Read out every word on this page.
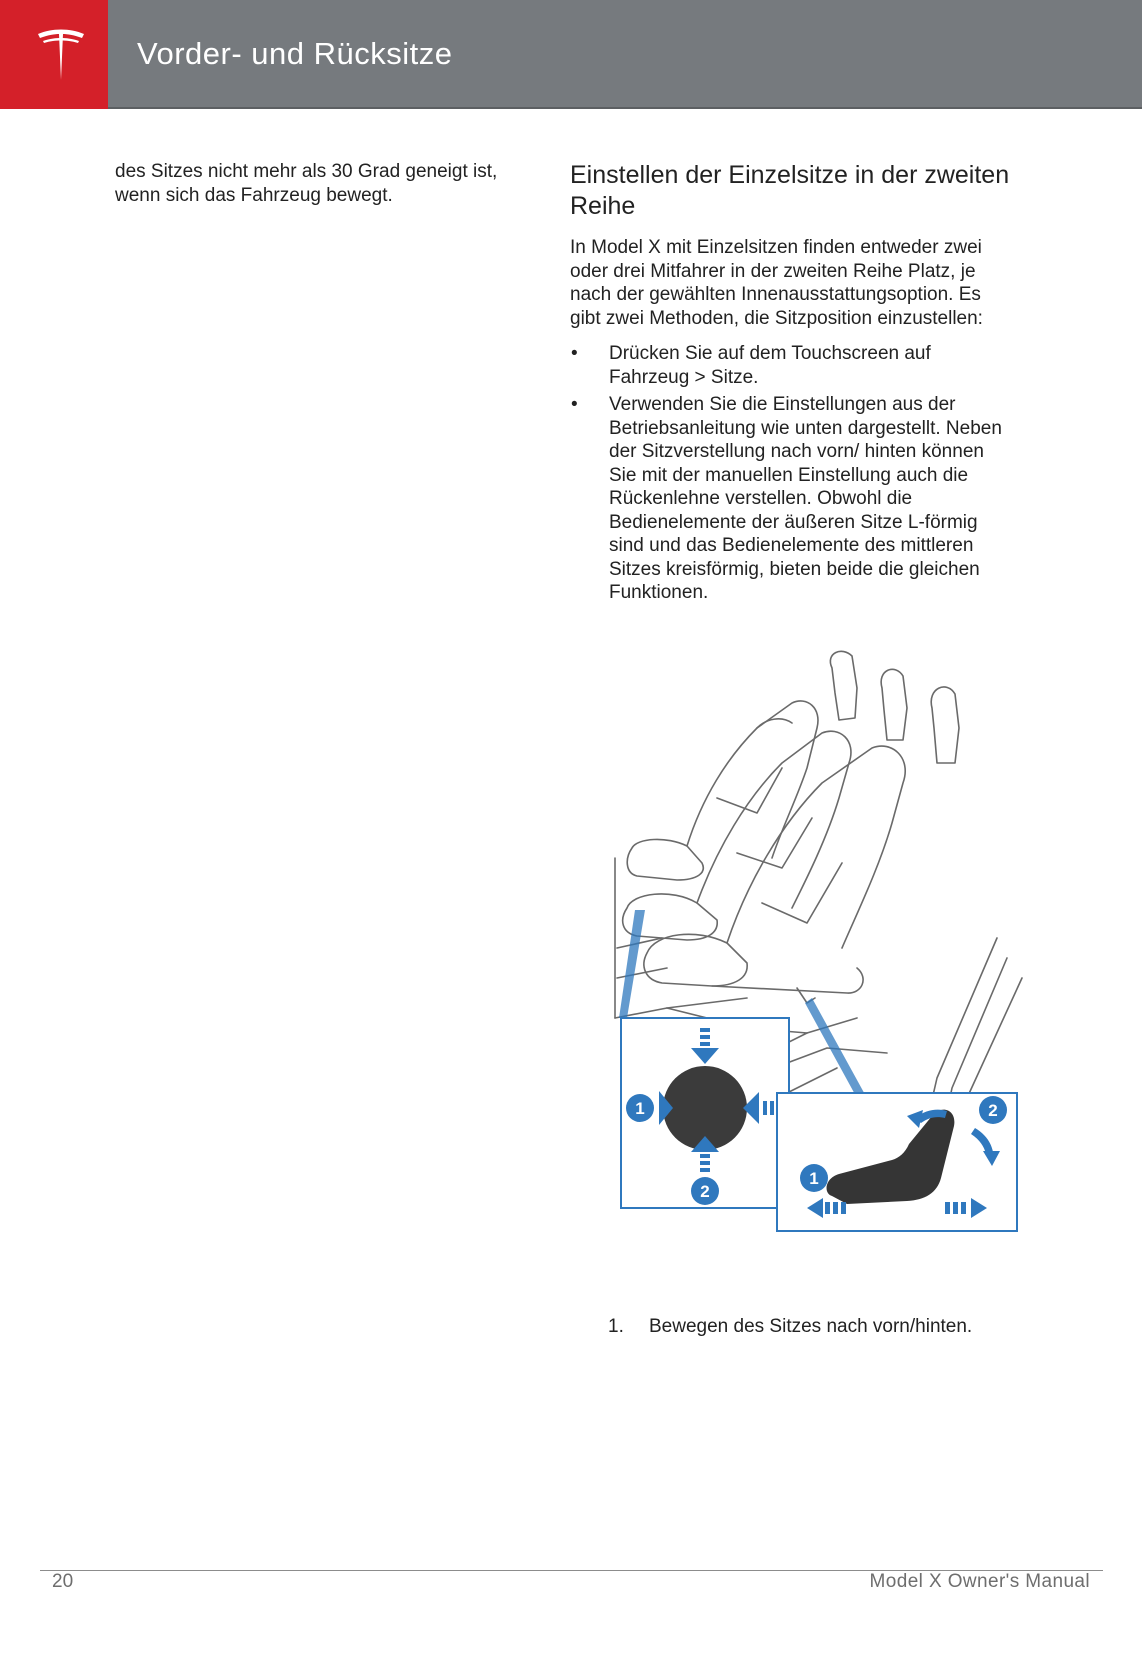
Vorder- und Rücksitze

des Sitzes nicht mehr als 30 Grad geneigt ist, wenn sich das Fahrzeug bewegt.

Einstellen der Einzelsitze in der zweiten Reihe

In Model X mit Einzelsitzen finden entweder zwei oder drei Mitfahrer in der zweiten Reihe Platz, je nach der gewählten Innenausstattungsoption. Es gibt zwei Methoden, die Sitzposition einzustellen:

• Drücken Sie auf dem Touchscreen auf Fahrzeug > Sitze.
• Verwenden Sie die Einstellungen aus der Betriebsanleitung wie unten dargestellt. Neben der Sitzverstellung nach vorn/ hinten können Sie mit der manuellen Einstellung auch die Rückenlehne verstellen. Obwohl die Bedienelemente der äußeren Sitze L-förmig sind und das Bedienelemente des mittleren Sitzes kreisförmig, bieten beide die gleichen Funktionen.
1
2
1
2
1. Bewegen des Sitzes nach vorn/hinten.
20	Model X Owner's Manual
